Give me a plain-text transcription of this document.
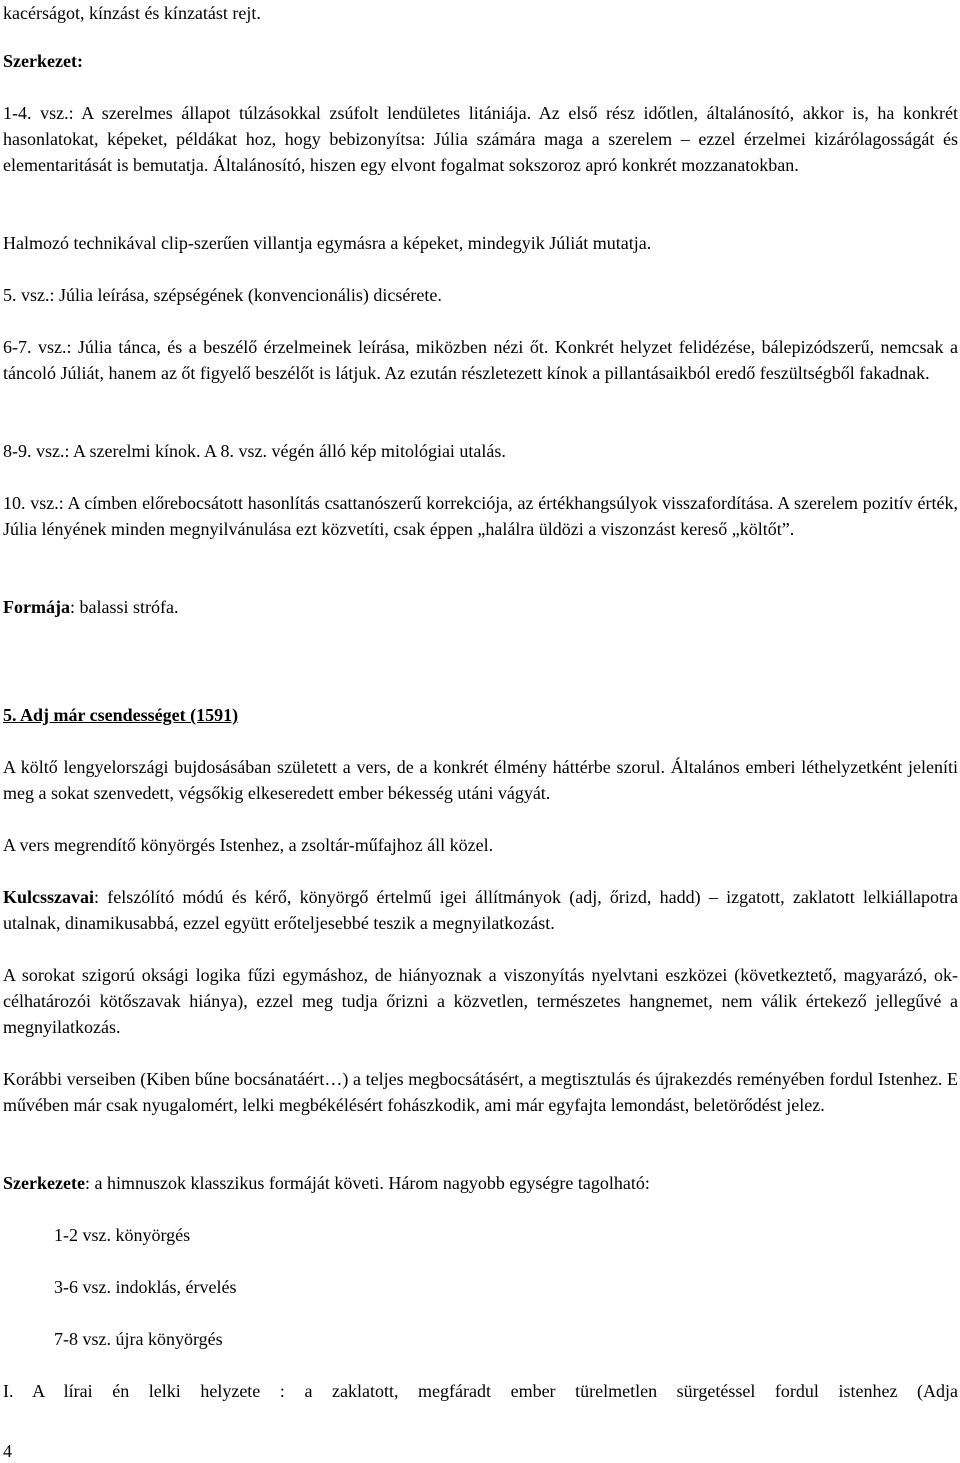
kacérságot, kínzást és kínzatást rejt.

Szerkezet:

1-4. vsz.: A szerelmes állapot túlzásokkal zsúfolt lendületes litániája. Az első rész időtlen, általánosító, akkor is, ha konkrét hasonlatokat, képeket, példákat hoz, hogy bebizonyítsa: Júlia számára maga a szerelem – ezzel érzelmei kizárólagosságát és elementaritását is bemutatja. Általánosító, hiszen egy elvont fogalmat sokszoroz apró konkrét mozzanatokban.

Halmozó technikával clip-szerűen villantja egymásra a képeket, mindegyik Júliát mutatja.

5. vsz.: Júlia leírása, szépségének (konvencionális) dicsérete.

6-7. vsz.: Júlia tánca, és a beszélő érzelmeinek leírása, miközben nézi őt. Konkrét helyzet felidézése, bálepizódszerű, nemcsak a táncoló Júliát, hanem az őt figyelő beszélőt is látjuk. Az ezután részletezett kínok a pillantásaikból eredő feszültségből fakadnak.

8-9. vsz.: A szerelmi kínok. A 8. vsz. végén álló kép mitológiai utalás.

10. vsz.: A címben előrebocsátott hasonlítás csattanószerű korrekciója, az értékhangsúlyok visszafordítása. A szerelem pozitív érték, Júlia lényének minden megnyilvánulása ezt közvetíti, csak éppen „halálra üldözi a viszonzást kereső „költőt”.

Formája: balassi strófa.

5. Adj már csendességet (1591)

A költő lengyelországi bujdosásában született a vers, de a konkrét élmény háttérbe szorul. Általános emberi léthelyzetként jeleníti meg a sokat szenvedett, végsőkig elkeseredett ember békesség utáni vágyát.

A vers megrendítő könyörgés Istenhez, a zsoltár-műfajhoz áll közel.

Kulcsszavai: felszólító módú és kérő, könyörgő értelmű igei állítmányok (adj, őrizd, hadd) – izgatott, zaklatott lelkiállapotra utalnak, dinamikusabbá, ezzel együtt erőteljesebbé teszik a megnyilatkozást.

A sorokat szigorú oksági logika fűzi egymáshoz, de hiányoznak a viszonyítás nyelvtani eszközei (következtető, magyarázó, ok-célhatározói kötőszavak hiánya), ezzel meg tudja őrizni a közvetlen, természetes hangnemet, nem válik értekező jellegűvé a megnyilatkozás.

Korábbi verseiben (Kiben bűne bocsánatáért…) a teljes megbocsátásért, a megtisztulás és újrakezdés reményében fordul Istenhez. E művében már csak nyugalomért, lelki megbékélésért fohászkodik, ami már egyfajta lemondást, beletörődést jelez.

Szerkezete: a himnuszok klasszikus formáját követi. Három nagyobb egységre tagolható:

1-2 vsz. könyörgés

3-6 vsz. indoklás, érvelés

7-8 vsz. újra könyörgés

I. A lírai én lelki helyzete : a zaklatott, megfáradt ember türelmetlen sürgetéssel fordul istenhez (Adja

4
